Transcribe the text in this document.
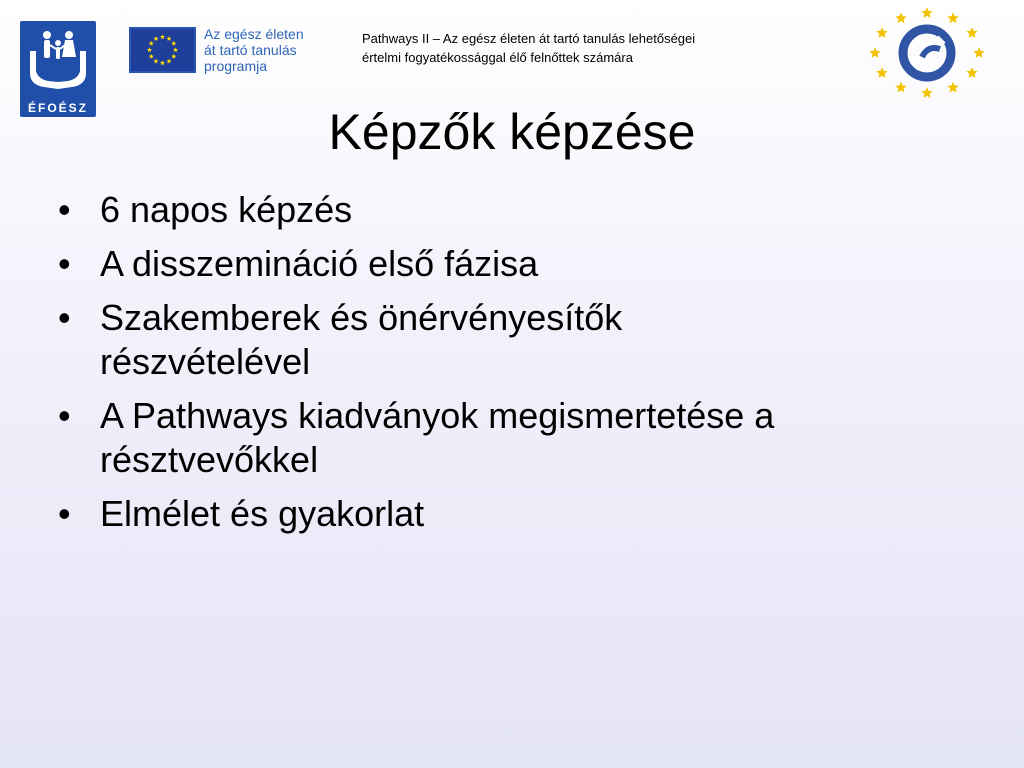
ÉFOÉSZ
Az egész életen
át tartó tanulás
programja
Pathways II – Az egész életen át tartó tanulás lehetőségei
értelmi fogyatékossággal élő felnőttek számára
Képzők képzése
• 6 napos képzés
• A disszemináció első fázisa
• Szakemberek és önérvényesítők
részvételével
• A Pathways kiadványok megismertetése a
résztvevőkkel
• Elmélet és gyakorlat
